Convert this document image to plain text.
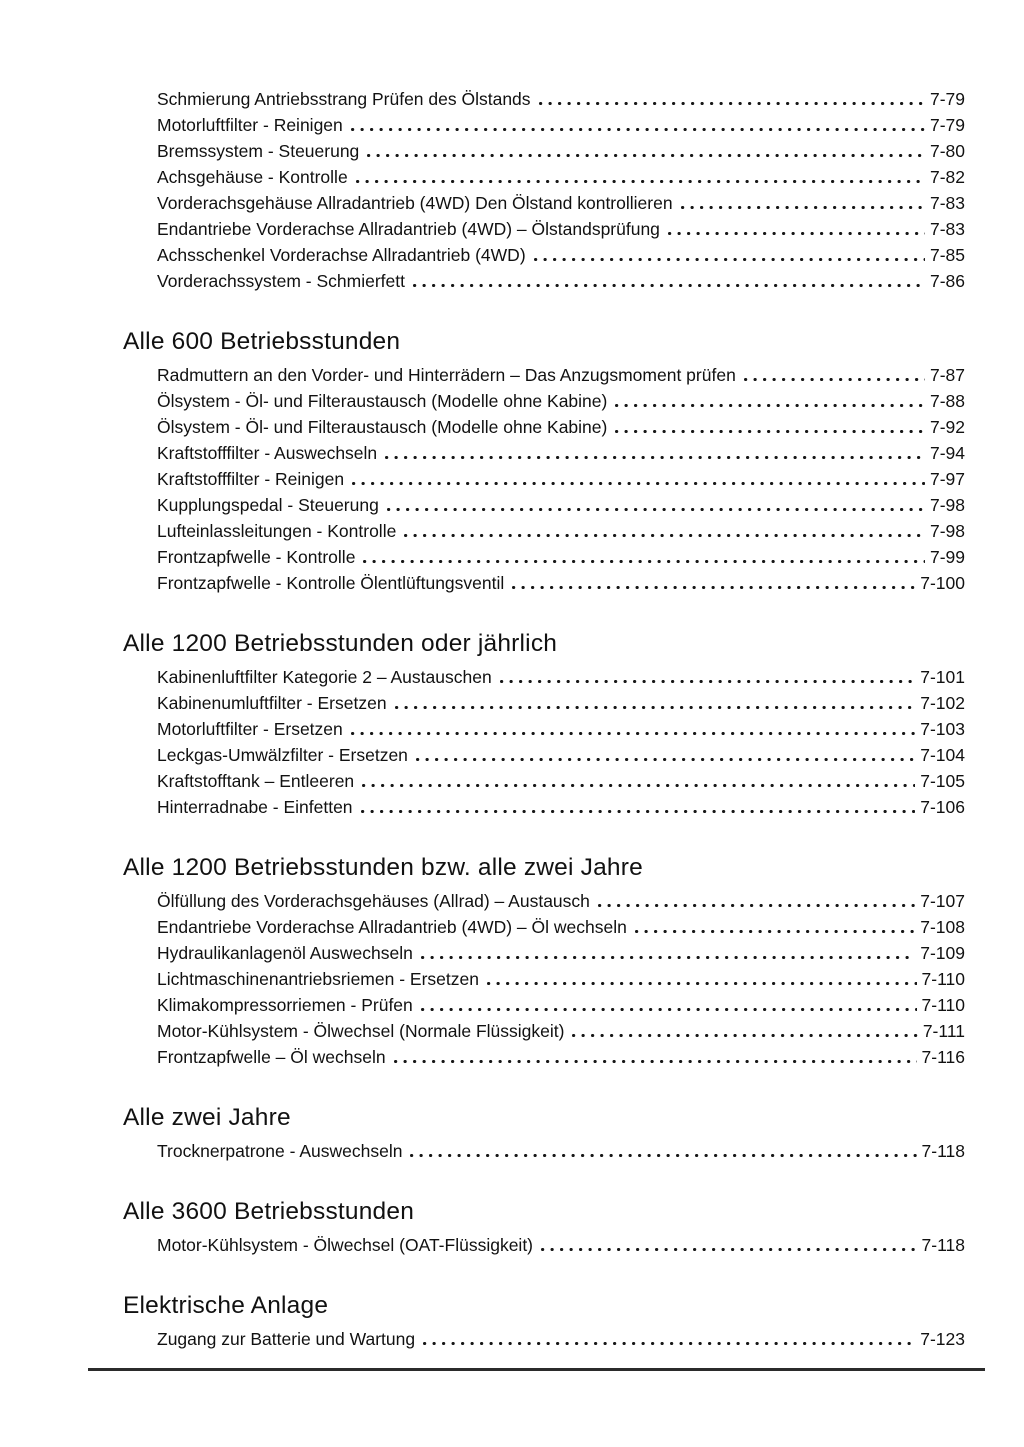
Schmierung Antriebsstrang Prüfen des Ölstands	7-79
Motorluftfilter - Reinigen	7-79
Bremssystem - Steuerung	7-80
Achsgehäuse - Kontrolle	7-82
Vorderachsgehäuse Allradantrieb (4WD) Den Ölstand kontrollieren	7-83
Endantriebe Vorderachse Allradantrieb (4WD) – Ölstandsprüfung	7-83
Achsschenkel Vorderachse Allradantrieb (4WD)	7-85
Vorderachssystem - Schmierfett	7-86
Alle 600 Betriebsstunden
Radmuttern an den Vorder- und Hinterrädern – Das Anzugsmoment prüfen	7-87
Ölsystem - Öl- und Filteraustausch (Modelle ohne Kabine)	7-88
Ölsystem - Öl- und Filteraustausch (Modelle ohne Kabine)	7-92
Kraftstofffilter - Auswechseln	7-94
Kraftstofffilter - Reinigen	7-97
Kupplungspedal - Steuerung	7-98
Lufteinlassleitungen - Kontrolle	7-98
Frontzapfwelle - Kontrolle	7-99
Frontzapfwelle - Kontrolle Ölentlüftungsventil	7-100
Alle 1200 Betriebsstunden oder jährlich
Kabinenluftfilter Kategorie 2 – Austauschen	7-101
Kabinenumluftfilter - Ersetzen	7-102
Motorluftfilter - Ersetzen	7-103
Leckgas-Umwälzfilter - Ersetzen	7-104
Kraftstofftank – Entleeren	7-105
Hinterradnabe - Einfetten	7-106
Alle 1200 Betriebsstunden bzw. alle zwei Jahre
Ölfüllung des Vorderachsgehäuses (Allrad) – Austausch	7-107
Endantriebe Vorderachse Allradantrieb (4WD) – Öl wechseln	7-108
Hydraulikanlagenöl Auswechseln	7-109
Lichtmaschinenantriebsriemen - Ersetzen	7-110
Klimakompressorriemen - Prüfen	7-110
Motor-Kühlsystem - Ölwechsel (Normale Flüssigkeit)	7-111
Frontzapfwelle – Öl wechseln	7-116
Alle zwei Jahre
Trocknerpatrone - Auswechseln	7-118
Alle 3600 Betriebsstunden
Motor-Kühlsystem - Ölwechsel (OAT-Flüssigkeit)	7-118
Elektrische Anlage
Zugang zur Batterie und Wartung	7-123
